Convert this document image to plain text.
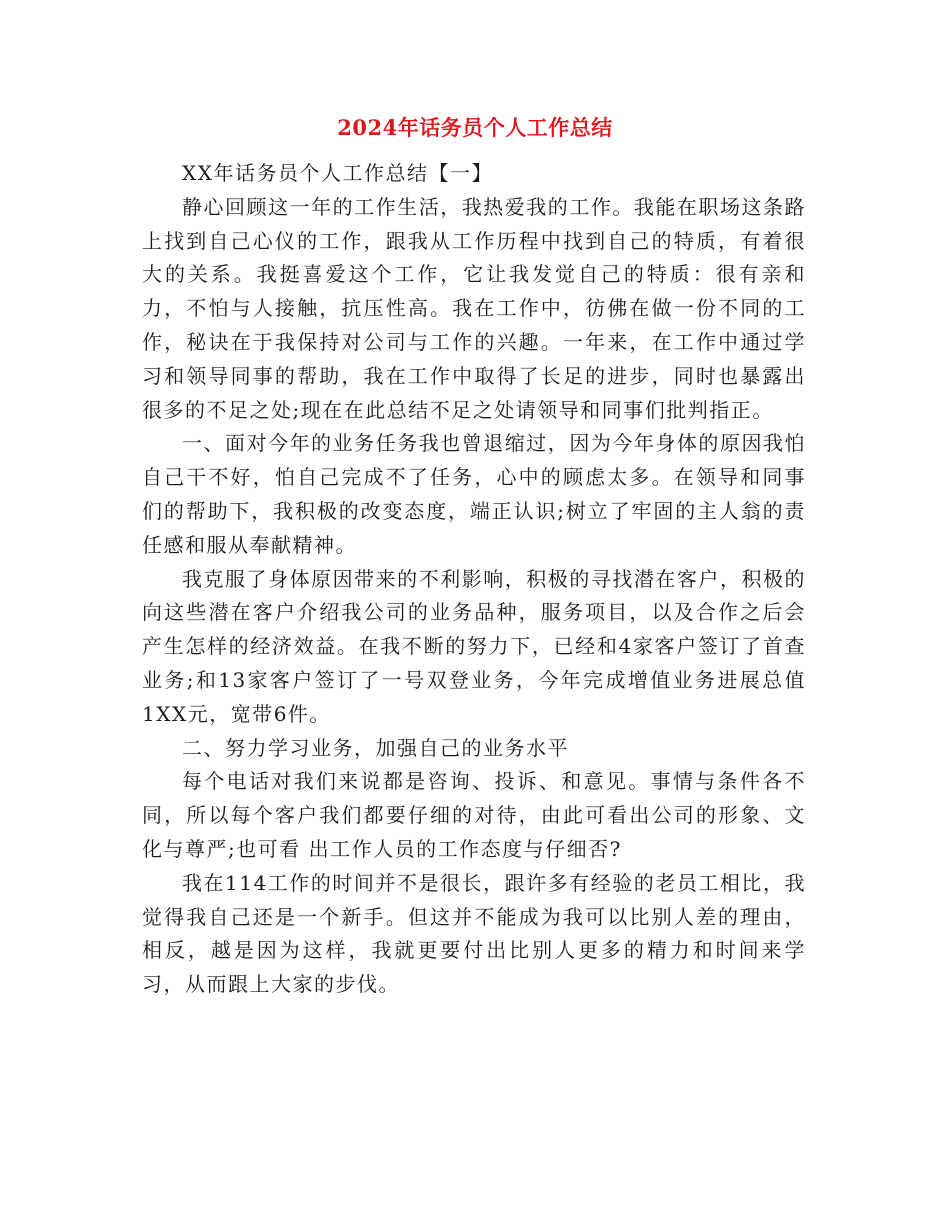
2024年话务员个人工作总结

XX年话务员个人工作总结【一】

静心回顾这一年的工作生活，我热爱我的工作。我能在职场这条路上找到自己心仪的工作，跟我从工作历程中找到自己的特质，有着很大的关系。我挺喜爱这个工作，它让我发觉自己的特质：很有亲和力，不怕与人接触，抗压性高。我在工作中，彷佛在做一份不同的工作，秘诀在于我保持对公司与工作的兴趣。一年来，在工作中通过学习和领导同事的帮助，我在工作中取得了长足的进步，同时也暴露出很多的不足之处;现在在此总结不足之处请领导和同事们批判指正。

一、面对今年的业务任务我也曾退缩过，因为今年身体的原因我怕自己干不好，怕自己完成不了任务，心中的顾虑太多。在领导和同事们的帮助下，我积极的改变态度，端正认识;树立了牢固的主人翁的责任感和服从奉献精神。

我克服了身体原因带来的不利影响，积极的寻找潜在客户，积极的向这些潜在客户介绍我公司的业务品种，服务项目，以及合作之后会产生怎样的经济效益。在我不断的努力下，已经和4家客户签订了首查业务;和13家客户签订了一号双登业务，今年完成增值业务进展总值1XX元，宽带6件。

二、努力学习业务，加强自己的业务水平

每个电话对我们来说都是咨询、投诉、和意见。事情与条件各不同，所以每个客户我们都要仔细的对待，由此可看出公司的形象、文化与尊严;也可看 出工作人员的工作态度与仔细否?

我在114工作的时间并不是很长，跟许多有经验的老员工相比，我觉得我自己还是一个新手。但这并不能成为我可以比别人差的理由，相反，越是因为这样，我就更要付出比别人更多的精力和时间来学习，从而跟上大家的步伐。
